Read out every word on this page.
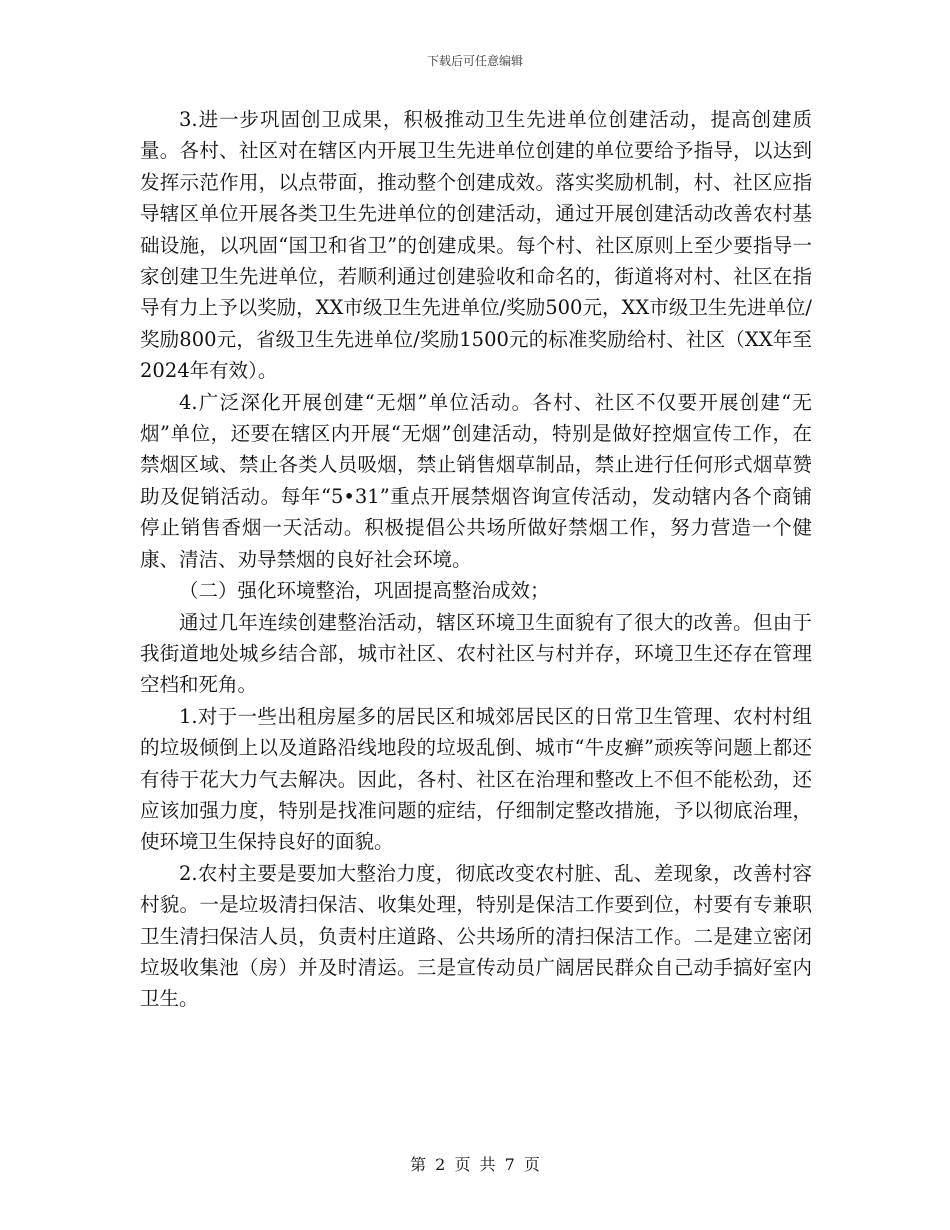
下载后可任意编辑

3.进一步巩固创卫成果，积极推动卫生先进单位创建活动，提高创建质量。各村、社区对在辖区内开展卫生先进单位创建的单位要给予指导，以达到发挥示范作用，以点带面，推动整个创建成效。落实奖励机制，村、社区应指导辖区单位开展各类卫生先进单位的创建活动，通过开展创建活动改善农村基础设施，以巩固“国卫和省卫”的创建成果。每个村、社区原则上至少要指导一家创建卫生先进单位，若顺利通过创建验收和命名的，街道将对村、社区在指导有力上予以奖励，XX市级卫生先进单位/奖励500元，XX市级卫生先进单位/奖励800元，省级卫生先进单位/奖励1500元的标准奖励给村、社区（XX年至2024年有效）。

4.广泛深化开展创建“无烟”单位活动。各村、社区不仅要开展创建“无烟”单位，还要在辖区内开展“无烟”创建活动，特别是做好控烟宣传工作，在禁烟区域、禁止各类人员吸烟，禁止销售烟草制品，禁止进行任何形式烟草赞助及促销活动。每年“5•31”重点开展禁烟咨询宣传活动，发动辖内各个商铺停止销售香烟一天活动。积极提倡公共场所做好禁烟工作，努力营造一个健康、清洁、劝导禁烟的良好社会环境。

（二）强化环境整治，巩固提高整治成效；

通过几年连续创建整治活动，辖区环境卫生面貌有了很大的改善。但由于我街道地处城乡结合部，城市社区、农村社区与村并存，环境卫生还存在管理空档和死角。

1.对于一些出租房屋多的居民区和城郊居民区的日常卫生管理、农村村组的垃圾倾倒上以及道路沿线地段的垃圾乱倒、城市“牛皮癣”顽疾等问题上都还有待于花大力气去解决。因此，各村、社区在治理和整改上不但不能松劲，还应该加强力度，特别是找准问题的症结，仔细制定整改措施，予以彻底治理，使环境卫生保持良好的面貌。

2.农村主要是要加大整治力度，彻底改变农村脏、乱、差现象，改善村容村貌。一是垃圾清扫保洁、收集处理，特别是保洁工作要到位，村要有专兼职卫生清扫保洁人员，负责村庄道路、公共场所的清扫保洁工作。二是建立密闭垃圾收集池（房）并及时清运。三是宣传动员广阔居民群众自己动手搞好室内卫生。

第 2 页 共 7 页
